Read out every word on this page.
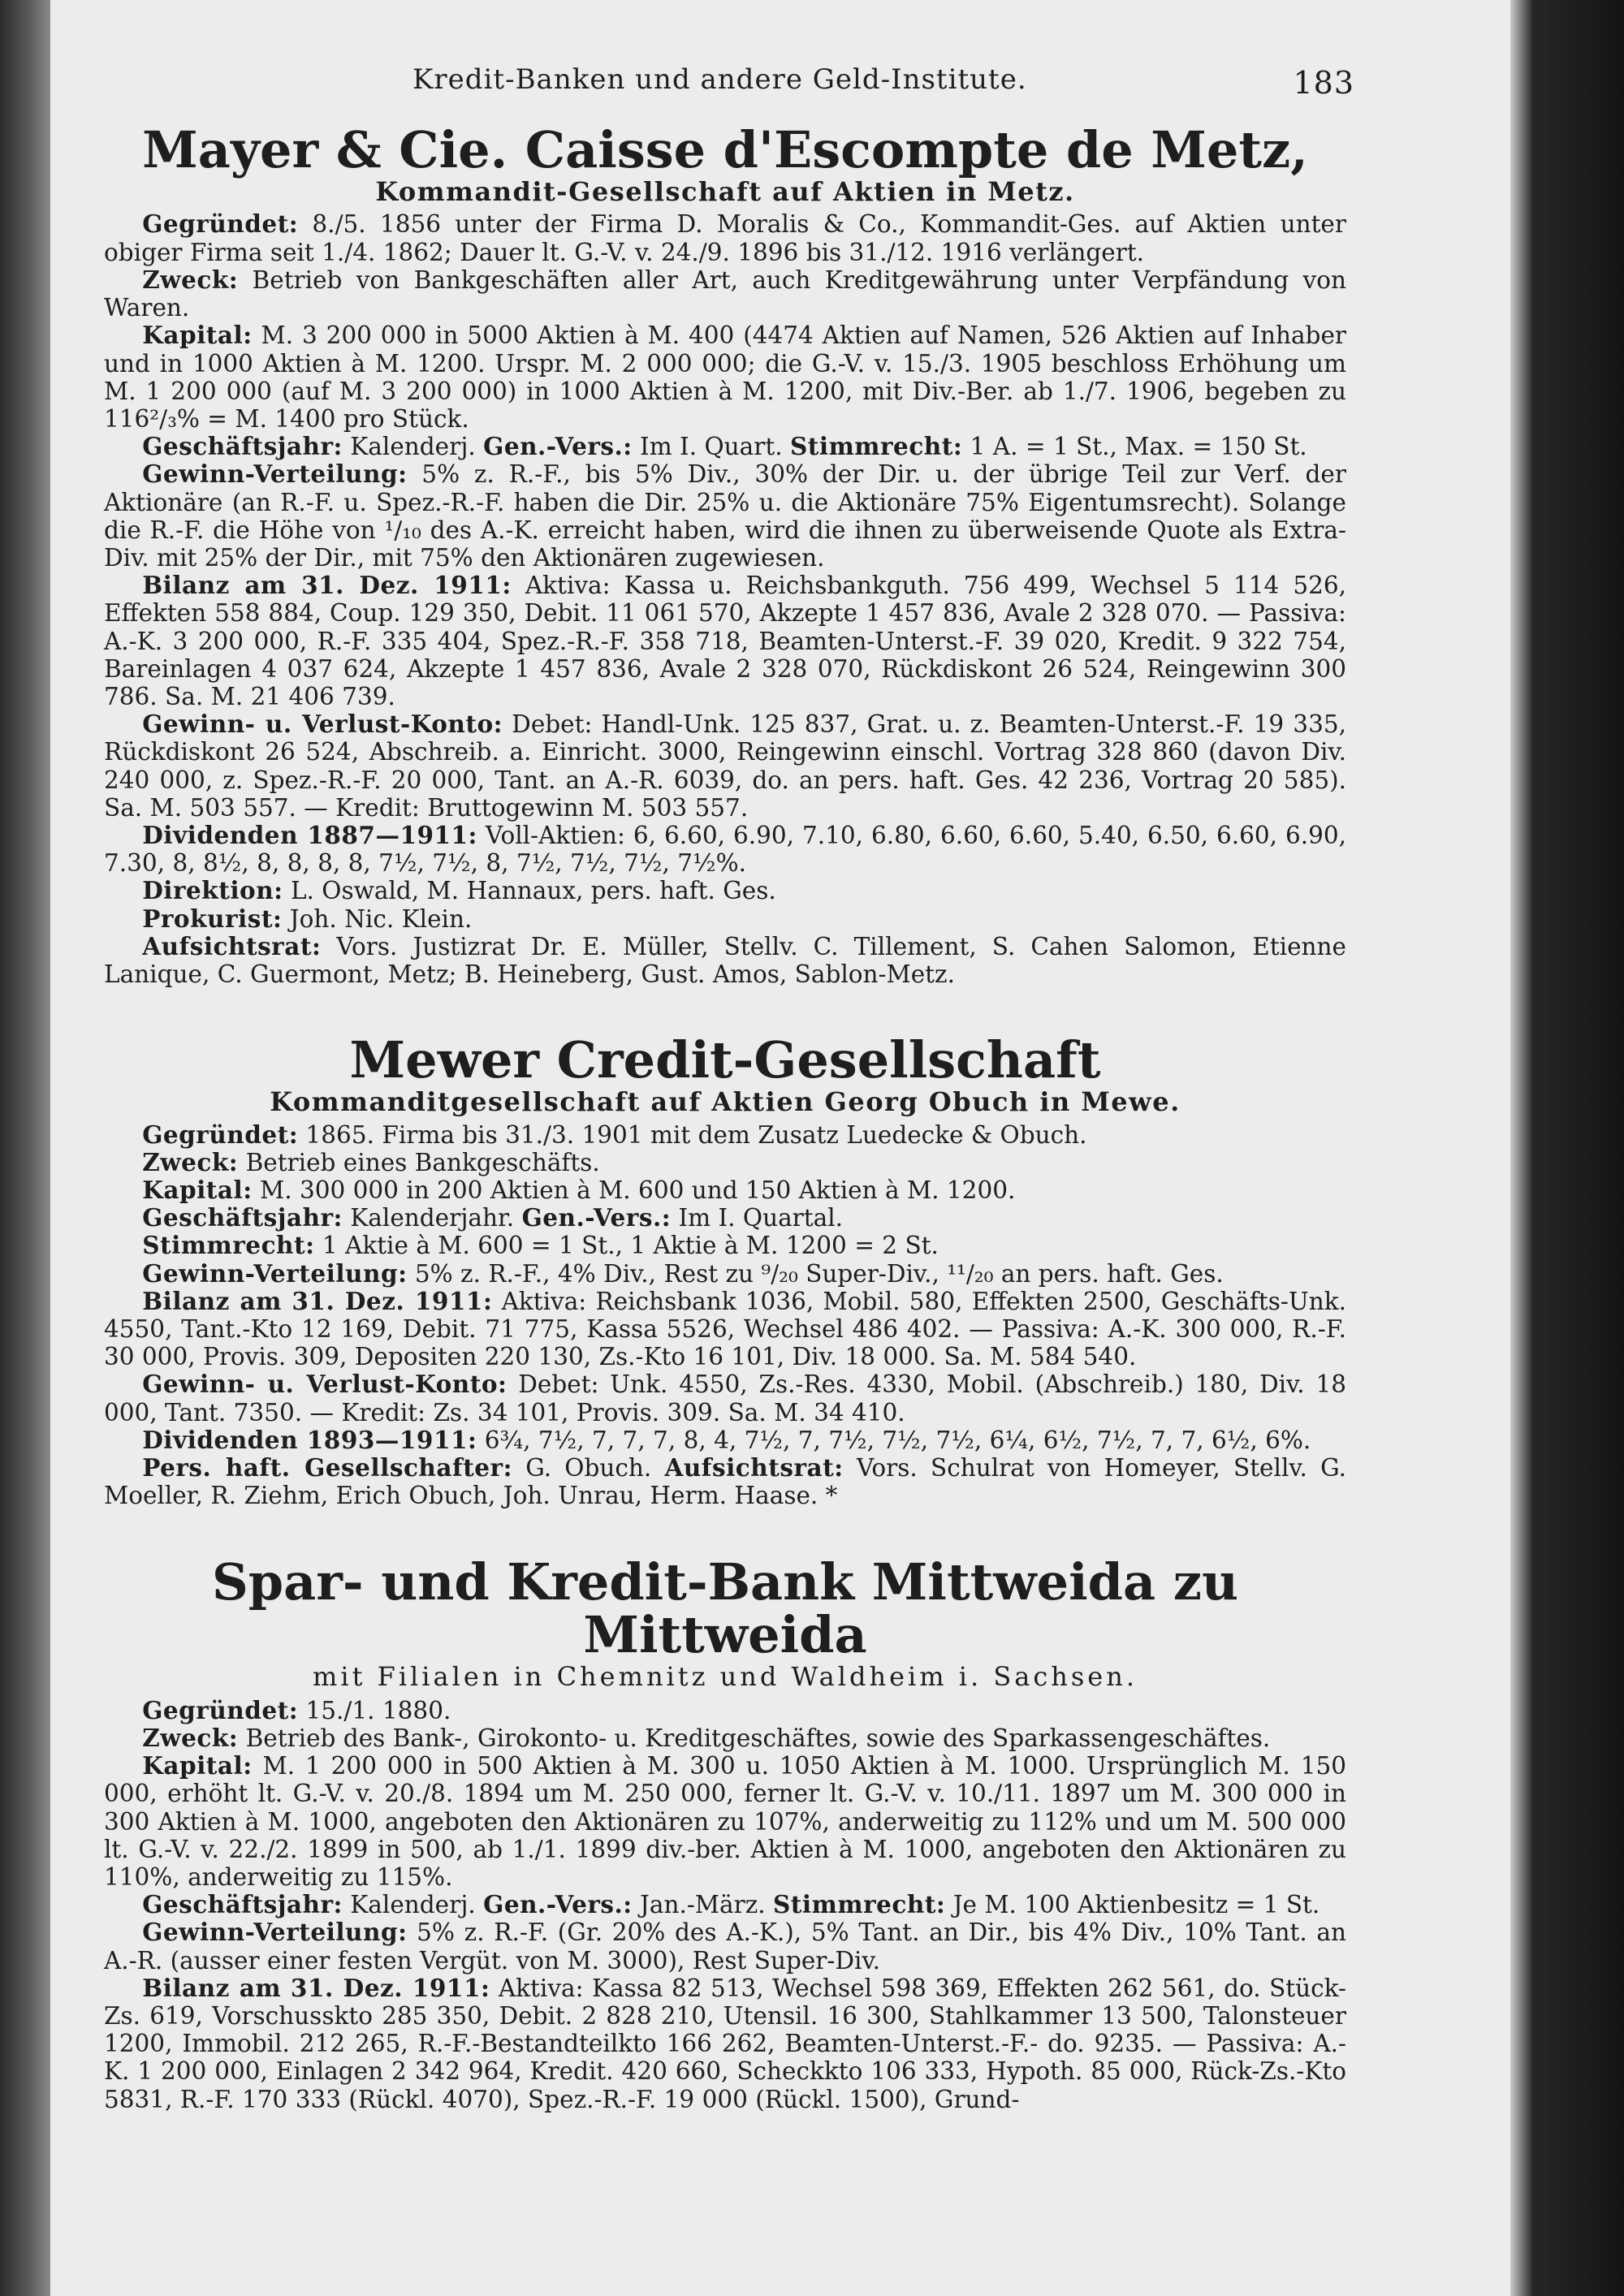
Kredit-Banken und andere Geld-Institute.	183
Mayer & Cie. Caisse d'Escompte de Metz,
Kommandit-Gesellschaft auf Aktien in Metz.

Gegründet: 8./5. 1856 unter der Firma D. Moralis & Co., Kommandit-Ges. auf Aktien unter obiger Firma seit 1./4. 1862; Dauer lt. G.-V. v. 24./9. 1896 bis 31./12. 1916 verlängert.

Zweck: Betrieb von Bankgeschäften aller Art, auch Kreditgewährung unter Verpfändung von Waren.

Kapital: M. 3 200 000 in 5000 Aktien à M. 400 (4474 Aktien auf Namen, 526 Aktien auf Inhaber und in 1000 Aktien à M. 1200. Urspr. M. 2 000 000; die G.-V. v. 15./3. 1905 beschloss Erhöhung um M. 1 200 000 (auf M. 3 200 000) in 1000 Aktien à M. 1200, mit Div.-Ber. ab 1./7. 1906, begeben zu 116²/₃% = M. 1400 pro Stück.

Geschäftsjahr: Kalenderj. Gen.-Vers.: Im I. Quart. Stimmrecht: 1 A. = 1 St., Max. = 150 St.

Gewinn-Verteilung: 5% z. R.-F., bis 5% Div., 30% der Dir. u. der übrige Teil zur Verf. der Aktionäre (an R.-F. u. Spez.-R.-F. haben die Dir. 25% u. die Aktionäre 75% Eigentumsrecht). Solange die R.-F. die Höhe von ¹/₁₀ des A.-K. erreicht haben, wird die ihnen zu überweisende Quote als Extra-Div. mit 25% der Dir., mit 75% den Aktionären zugewiesen.

Bilanz am 31. Dez. 1911: Aktiva: Kassa u. Reichsbankguth. 756 499, Wechsel 5 114 526, Effekten 558 884, Coup. 129 350, Debit. 11 061 570, Akzepte 1 457 836, Avale 2 328 070. — Passiva: A.-K. 3 200 000, R.-F. 335 404, Spez.-R.-F. 358 718, Beamten-Unterst.-F. 39 020, Kredit. 9 322 754, Bareinlagen 4 037 624, Akzepte 1 457 836, Avale 2 328 070, Rückdiskont 26 524, Reingewinn 300 786. Sa. M. 21 406 739.

Gewinn- u. Verlust-Konto: Debet: Handl-Unk. 125 837, Grat. u. z. Beamten-Unterst.-F. 19 335, Rückdiskont 26 524, Abschreib. a. Einricht. 3000, Reingewinn einschl. Vortrag 328 860 (davon Div. 240 000, z. Spez.-R.-F. 20 000, Tant. an A.-R. 6039, do. an pers. haft. Ges. 42 236, Vortrag 20 585). Sa. M. 503 557. — Kredit: Bruttogewinn M. 503 557.

Dividenden 1887—1911: Voll-Aktien: 6, 6.60, 6.90, 7.10, 6.80, 6.60, 6.60, 5.40, 6.50, 6.60, 6.90, 7.30, 8, 8½, 8, 8, 8, 8, 7½, 7½, 8, 7½, 7½, 7½, 7½%.

Direktion: L. Oswald, M. Hannaux, pers. haft. Ges.

Prokurist: Joh. Nic. Klein.

Aufsichtsrat: Vors. Justizrat Dr. E. Müller, Stellv. C. Tillement, S. Cahen Salomon, Etienne Lanique, C. Guermont, Metz; B. Heineberg, Gust. Amos, Sablon-Metz.

Mewer Credit-Gesellschaft
Kommanditgesellschaft auf Aktien Georg Obuch in Mewe.

Gegründet: 1865. Firma bis 31./3. 1901 mit dem Zusatz Luedecke & Obuch.

Zweck: Betrieb eines Bankgeschäfts.

Kapital: M. 300 000 in 200 Aktien à M. 600 und 150 Aktien à M. 1200.

Geschäftsjahr: Kalenderjahr. Gen.-Vers.: Im I. Quartal.

Stimmrecht: 1 Aktie à M. 600 = 1 St., 1 Aktie à M. 1200 = 2 St.

Gewinn-Verteilung: 5% z. R.-F., 4% Div., Rest zu ⁹/₂₀ Super-Div., ¹¹/₂₀ an pers. haft. Ges.

Bilanz am 31. Dez. 1911: Aktiva: Reichsbank 1036, Mobil. 580, Effekten 2500, Geschäfts-Unk. 4550, Tant.-Kto 12 169, Debit. 71 775, Kassa 5526, Wechsel 486 402. — Passiva: A.-K. 300 000, R.-F. 30 000, Provis. 309, Depositen 220 130, Zs.-Kto 16 101, Div. 18 000. Sa. M. 584 540.

Gewinn- u. Verlust-Konto: Debet: Unk. 4550, Zs.-Res. 4330, Mobil. (Abschreib.) 180, Div. 18 000, Tant. 7350. — Kredit: Zs. 34 101, Provis. 309. Sa. M. 34 410.

Dividenden 1893—1911: 6¾, 7½, 7, 7, 7, 8, 4, 7½, 7, 7½, 7½, 7½, 6¼, 6½, 7½, 7, 7, 6½, 6%.

Pers. haft. Gesellschafter: G. Obuch. Aufsichtsrat: Vors. Schulrat von Homeyer, Stellv. G. Moeller, R. Ziehm, Erich Obuch, Joh. Unrau, Herm. Haase. *

Spar- und Kredit-Bank Mittweida zu Mittweida
mit Filialen in Chemnitz und Waldheim i. Sachsen.

Gegründet: 15./1. 1880.

Zweck: Betrieb des Bank-, Girokonto- u. Kreditgeschäftes, sowie des Sparkassengeschäftes.

Kapital: M. 1 200 000 in 500 Aktien à M. 300 u. 1050 Aktien à M. 1000. Ursprünglich M. 150 000, erhöht lt. G.-V. v. 20./8. 1894 um M. 250 000, ferner lt. G.-V. v. 10./11. 1897 um M. 300 000 in 300 Aktien à M. 1000, angeboten den Aktionären zu 107%, anderweitig zu 112% und um M. 500 000 lt. G.-V. v. 22./2. 1899 in 500, ab 1./1. 1899 div.-ber. Aktien à M. 1000, angeboten den Aktionären zu 110%, anderweitig zu 115%.

Geschäftsjahr: Kalenderj. Gen.-Vers.: Jan.-März. Stimmrecht: Je M. 100 Aktienbesitz = 1 St.

Gewinn-Verteilung: 5% z. R.-F. (Gr. 20% des A.-K.), 5% Tant. an Dir., bis 4% Div., 10% Tant. an A.-R. (ausser einer festen Vergüt. von M. 3000), Rest Super-Div.

Bilanz am 31. Dez. 1911: Aktiva: Kassa 82 513, Wechsel 598 369, Effekten 262 561, do. Stück-Zs. 619, Vorschusskto 285 350, Debit. 2 828 210, Utensil. 16 300, Stahlkammer 13 500, Talonsteuer 1200, Immobil. 212 265, R.-F.-Bestandteilkto 166 262, Beamten-Unterst.-F.- do. 9235. — Passiva: A.-K. 1 200 000, Einlagen 2 342 964, Kredit. 420 660, Scheckkto 106 333, Hypoth. 85 000, Rück-Zs.-Kto 5831, R.-F. 170 333 (Rückl. 4070), Spez.-R.-F. 19 000 (Rückl. 1500), Grund-
